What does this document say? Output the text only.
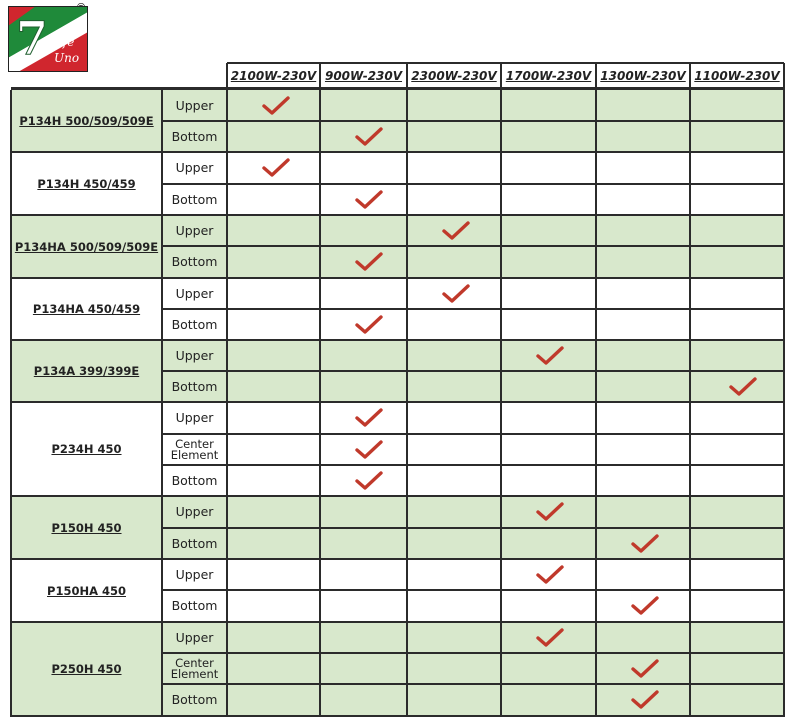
7 Effe
Uno
2100W-230V 900W-230V 2300W-230V 1700W-230V 1300W-230V 1100W-230V
P134H 500/509/509E
Upper
Bottom
P134H 450/459
Upper
Bottom
P134HA 500/509/509E
Upper
Bottom
P134HA 450/459
Upper
Bottom
P134A 399/399E
Upper
Bottom
P234H 450
Upper
Center Element
Bottom
P150H 450
Upper
Bottom
P150HA 450
Upper
Bottom
P250H 450
Upper
Center Element
Bottom
